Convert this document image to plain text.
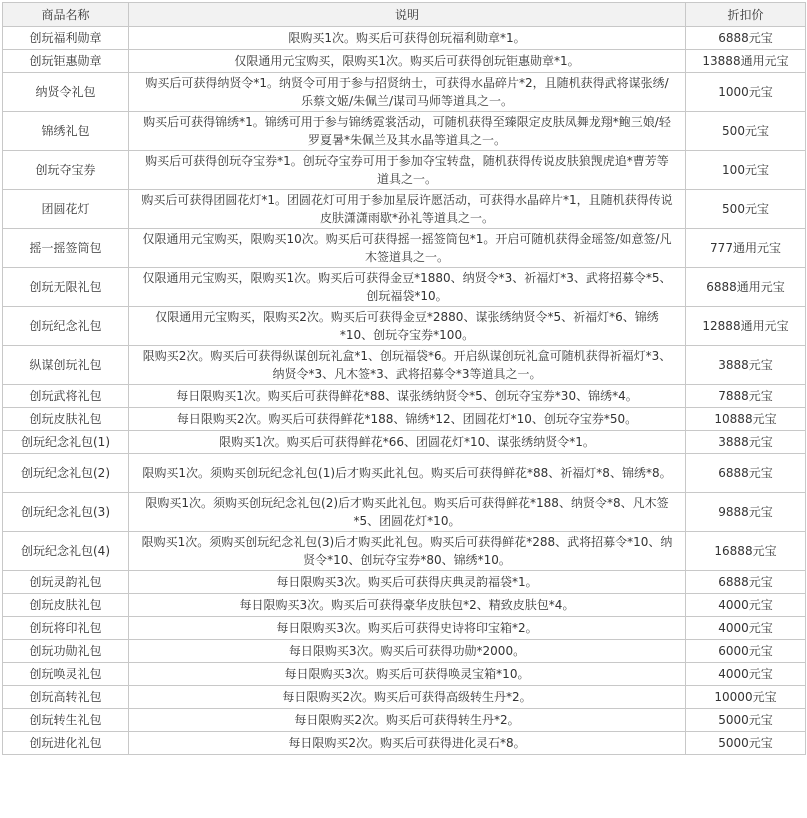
商品名称	说明	折扣价
创玩福利勋章	限购买1次。购买后可获得创玩福利勋章*1。	6888元宝
创玩钜惠勋章	仅限通用元宝购买，限购买1次。购买后可获得创玩钜惠勋章*1。	13888通用元宝
纳贤令礼包	购买后可获得纳贤令*1。纳贤令可用于参与招贤纳士，可获得水晶碎片*2，且随机获得武将谋张绣/乐蔡文姬/朱佩兰/谋司马师等道具之一。	1000元宝
锦绣礼包	购买后可获得锦绣*1。锦绣可用于参与锦绣霓裳活动，可随机获得至臻限定皮肤凤舞龙翔*鲍三娘/轻罗夏暑*朱佩兰及其水晶等道具之一。	500元宝
创玩夺宝券	购买后可获得创玩夺宝券*1。创玩夺宝券可用于参加夺宝转盘，随机获得传说皮肤狼觊虎追*曹芳等道具之一。	100元宝
团圆花灯	购买后可获得团圆花灯*1。团圆花灯可用于参加星辰许愿活动，可获得水晶碎片*1，且随机获得传说皮肤潇潇雨歇*孙礼等道具之一。	500元宝
摇一摇签筒包	仅限通用元宝购买，限购买10次。购买后可获得摇一摇签筒包*1。开启可随机获得金瑶签/如意签/凡木签道具之一。	777通用元宝
创玩无限礼包	仅限通用元宝购买，限购买1次。购买后可获得金豆*1880、纳贤令*3、祈福灯*3、武将招募令*5、创玩福袋*10。	6888通用元宝
创玩纪念礼包	仅限通用元宝购买，限购买2次。购买后可获得金豆*2880、谋张绣纳贤令*5、祈福灯*6、锦绣*10、创玩夺宝券*100。	12888通用元宝
纵谋创玩礼包	限购买2次。购买后可获得纵谋创玩礼盒*1、创玩福袋*6。开启纵谋创玩礼盒可随机获得祈福灯*3、纳贤令*3、凡木签*3、武将招募令*3等道具之一。	3888元宝
创玩武将礼包	每日限购买1次。购买后可获得鲜花*88、谋张绣纳贤令*5、创玩夺宝券*30、锦绣*4。	7888元宝
创玩皮肤礼包	每日限购买2次。购买后可获得鲜花*188、锦绣*12、团圆花灯*10、创玩夺宝券*50。	10888元宝
创玩纪念礼包(1)	限购买1次。购买后可获得鲜花*66、团圆花灯*10、谋张绣纳贤令*1。	3888元宝
创玩纪念礼包(2)	限购买1次。须购买创玩纪念礼包(1)后才购买此礼包。购买后可获得鲜花*88、祈福灯*8、锦绣*8。	6888元宝
创玩纪念礼包(3)	限购买1次。须购买创玩纪念礼包(2)后才购买此礼包。购买后可获得鲜花*188、纳贤令*8、凡木签*5、团圆花灯*10。	9888元宝
创玩纪念礼包(4)	限购买1次。须购买创玩纪念礼包(3)后才购买此礼包。购买后可获得鲜花*288、武将招募令*10、纳贤令*10、创玩夺宝券*80、锦绣*10。	16888元宝
创玩灵韵礼包	每日限购买3次。购买后可获得庆典灵韵福袋*1。	6888元宝
创玩皮肤礼包	每日限购买3次。购买后可获得豪华皮肤包*2、精致皮肤包*4。	4000元宝
创玩将印礼包	每日限购买3次。购买后可获得史诗将印宝箱*2。	4000元宝
创玩功勋礼包	每日限购买3次。购买后可获得功勋*2000。	6000元宝
创玩唤灵礼包	每日限购买3次。购买后可获得唤灵宝箱*10。	4000元宝
创玩高转礼包	每日限购买2次。购买后可获得高级转生丹*2。	10000元宝
创玩转生礼包	每日限购买2次。购买后可获得转生丹*2。	5000元宝
创玩进化礼包	每日限购买2次。购买后可获得进化灵石*8。	5000元宝
